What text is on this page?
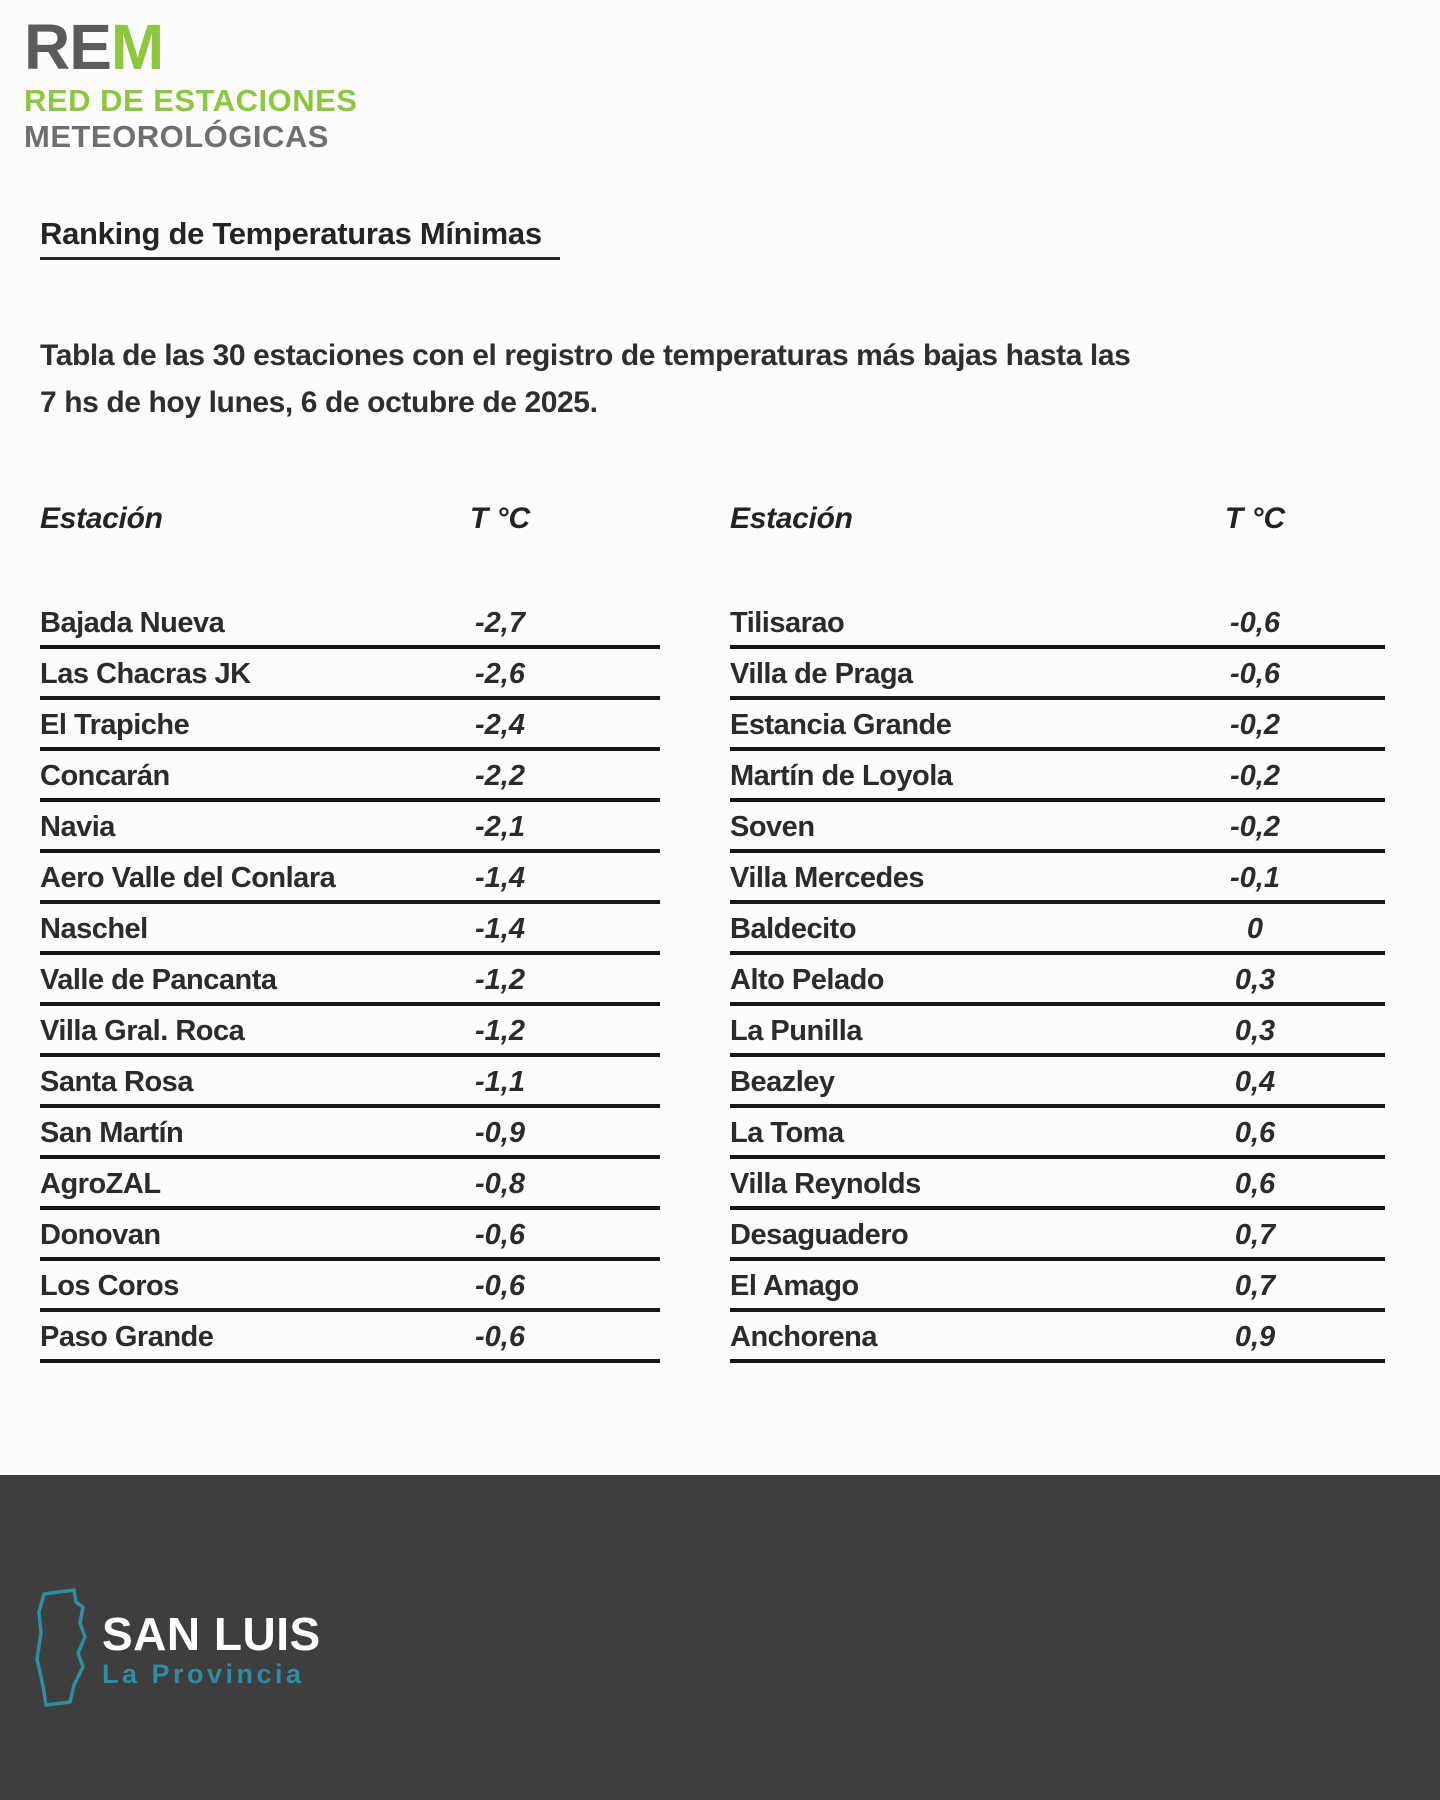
REM
RED DE ESTACIONES
METEOROLÓGICAS
Ranking de Temperaturas Mínimas

Tabla de las 30 estaciones con el registro de temperaturas más bajas hasta las 7 hs de hoy lunes, 6 de octubre de 2025.

Estación	T °C
Bajada Nueva	-2,7
Las Chacras JK	-2,6
El Trapiche	-2,4
Concarán	-2,2
Navia	-2,1
Aero Valle del Conlara	-1,4
Naschel	-1,4
Valle de Pancanta	-1,2
Villa Gral. Roca	-1,2
Santa Rosa	-1,1
San Martín	-0,9
AgroZAL	-0,8
Donovan	-0,6
Los Coros	-0,6
Paso Grande	-0,6
Estación	T °C
Tilisarao	-0,6
Villa de Praga	-0,6
Estancia Grande	-0,2
Martín de Loyola	-0,2
Soven	-0,2
Villa Mercedes	-0,1
Baldecito	0
Alto Pelado	0,3
La Punilla	0,3
Beazley	0,4
La Toma	0,6
Villa Reynolds	0,6
Desaguadero	0,7
El Amago	0,7
Anchorena	0,9
SAN LUIS
La Provincia
